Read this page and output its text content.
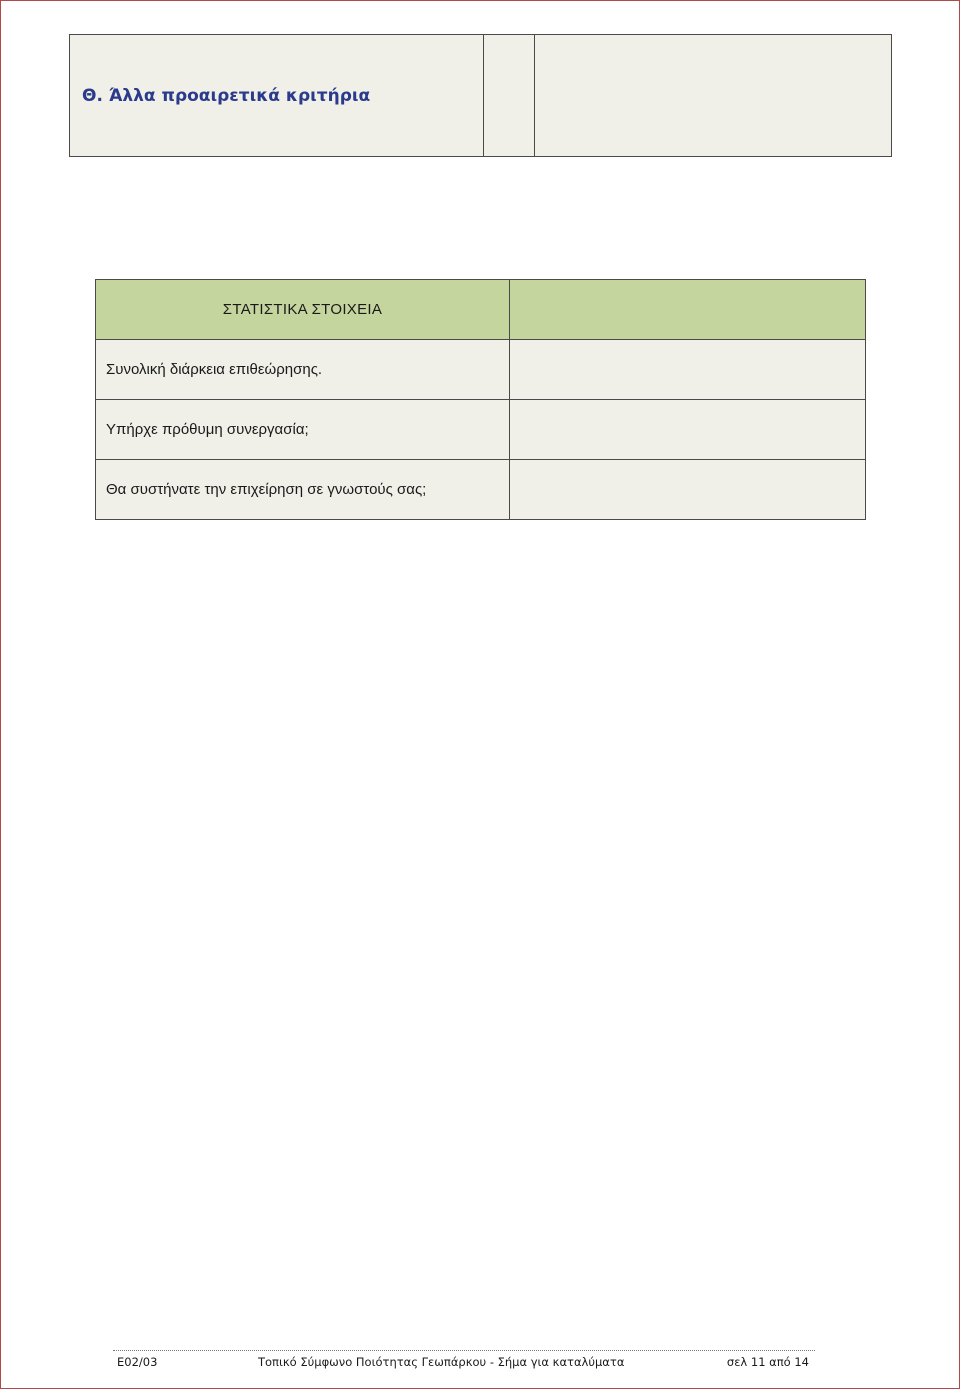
Θ. Άλλα προαιρετικά κριτήρια		
ΣΤΑΤΙΣΤΙΚΑ ΣΤΟΙΧΕΙΑ	
Συνολική διάρκεια επιθεώρησης.	
Υπήρχε πρόθυμη συνεργασία;	
Θα συστήνατε την επιχείρηση σε γνωστούς σας;	
Ε02/03	Τοπικό Σύμφωνο Ποιότητας Γεωπάρκου - Σήμα για καταλύματα	σελ 11 από 14
